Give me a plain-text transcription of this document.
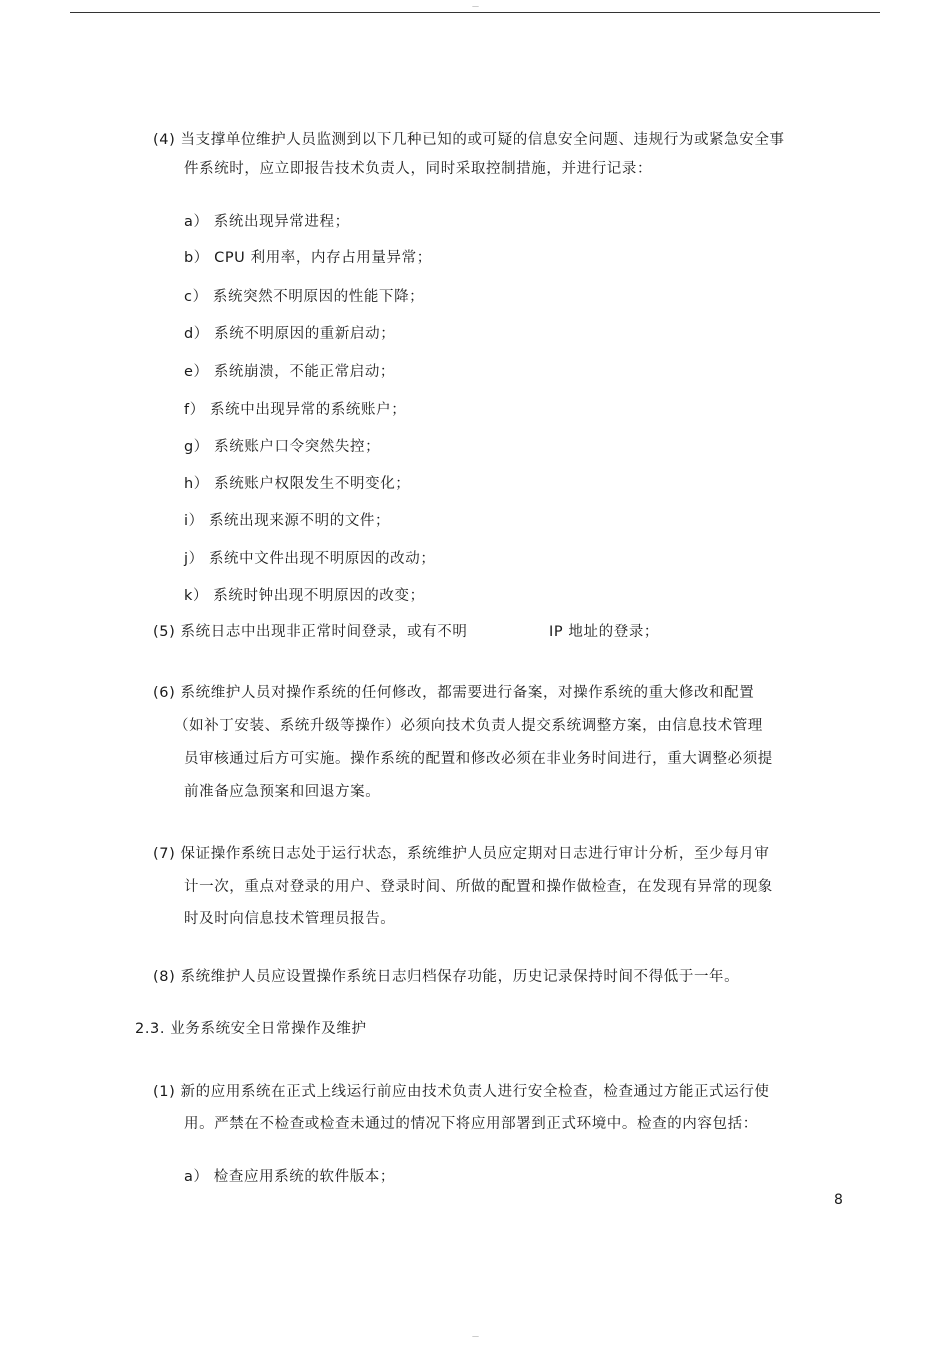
—
(4) 当支撑单位维护人员监测到以下几种已知的或可疑的信息安全问题、违规行为或紧急安全事
件系统时，应立即报告技术负责人，同时采取控制措施，并进行记录：
a） 系统出现异常进程；
b） CPU 利用率，内存占用量异常；
c） 系统突然不明原因的性能下降；
d） 系统不明原因的重新启动；
e） 系统崩溃，不能正常启动；
f） 系统中出现异常的系统账户；
g） 系统账户口令突然失控；
h） 系统账户权限发生不明变化；
i） 系统出现来源不明的文件；
j） 系统中文件出现不明原因的改动；
k） 系统时钟出现不明原因的改变；
(5) 系统日志中出现非正常时间登录，或有不明	IP 地址的登录；
(6) 系统维护人员对操作系统的任何修改，都需要进行备案，对操作系统的重大修改和配置
（如补丁安装、系统升级等操作）必须向技术负责人提交系统调整方案，由信息技术管理
员审核通过后方可实施。操作系统的配置和修改必须在非业务时间进行，重大调整必须提
前准备应急预案和回退方案。
(7) 保证操作系统日志处于运行状态，系统维护人员应定期对日志进行审计分析，至少每月审
计一次，重点对登录的用户、登录时间、所做的配置和操作做检查，在发现有异常的现象
时及时向信息技术管理员报告。
(8) 系统维护人员应设置操作系统日志归档保存功能，历史记录保持时间不得低于一年。
2.3. 业务系统安全日常操作及维护
(1) 新的应用系统在正式上线运行前应由技术负责人进行安全检查，检查通过方能正式运行使
用。严禁在不检查或检查未通过的情况下将应用部署到正式环境中。检查的内容包括：
a） 检查应用系统的软件版本；
8
—
